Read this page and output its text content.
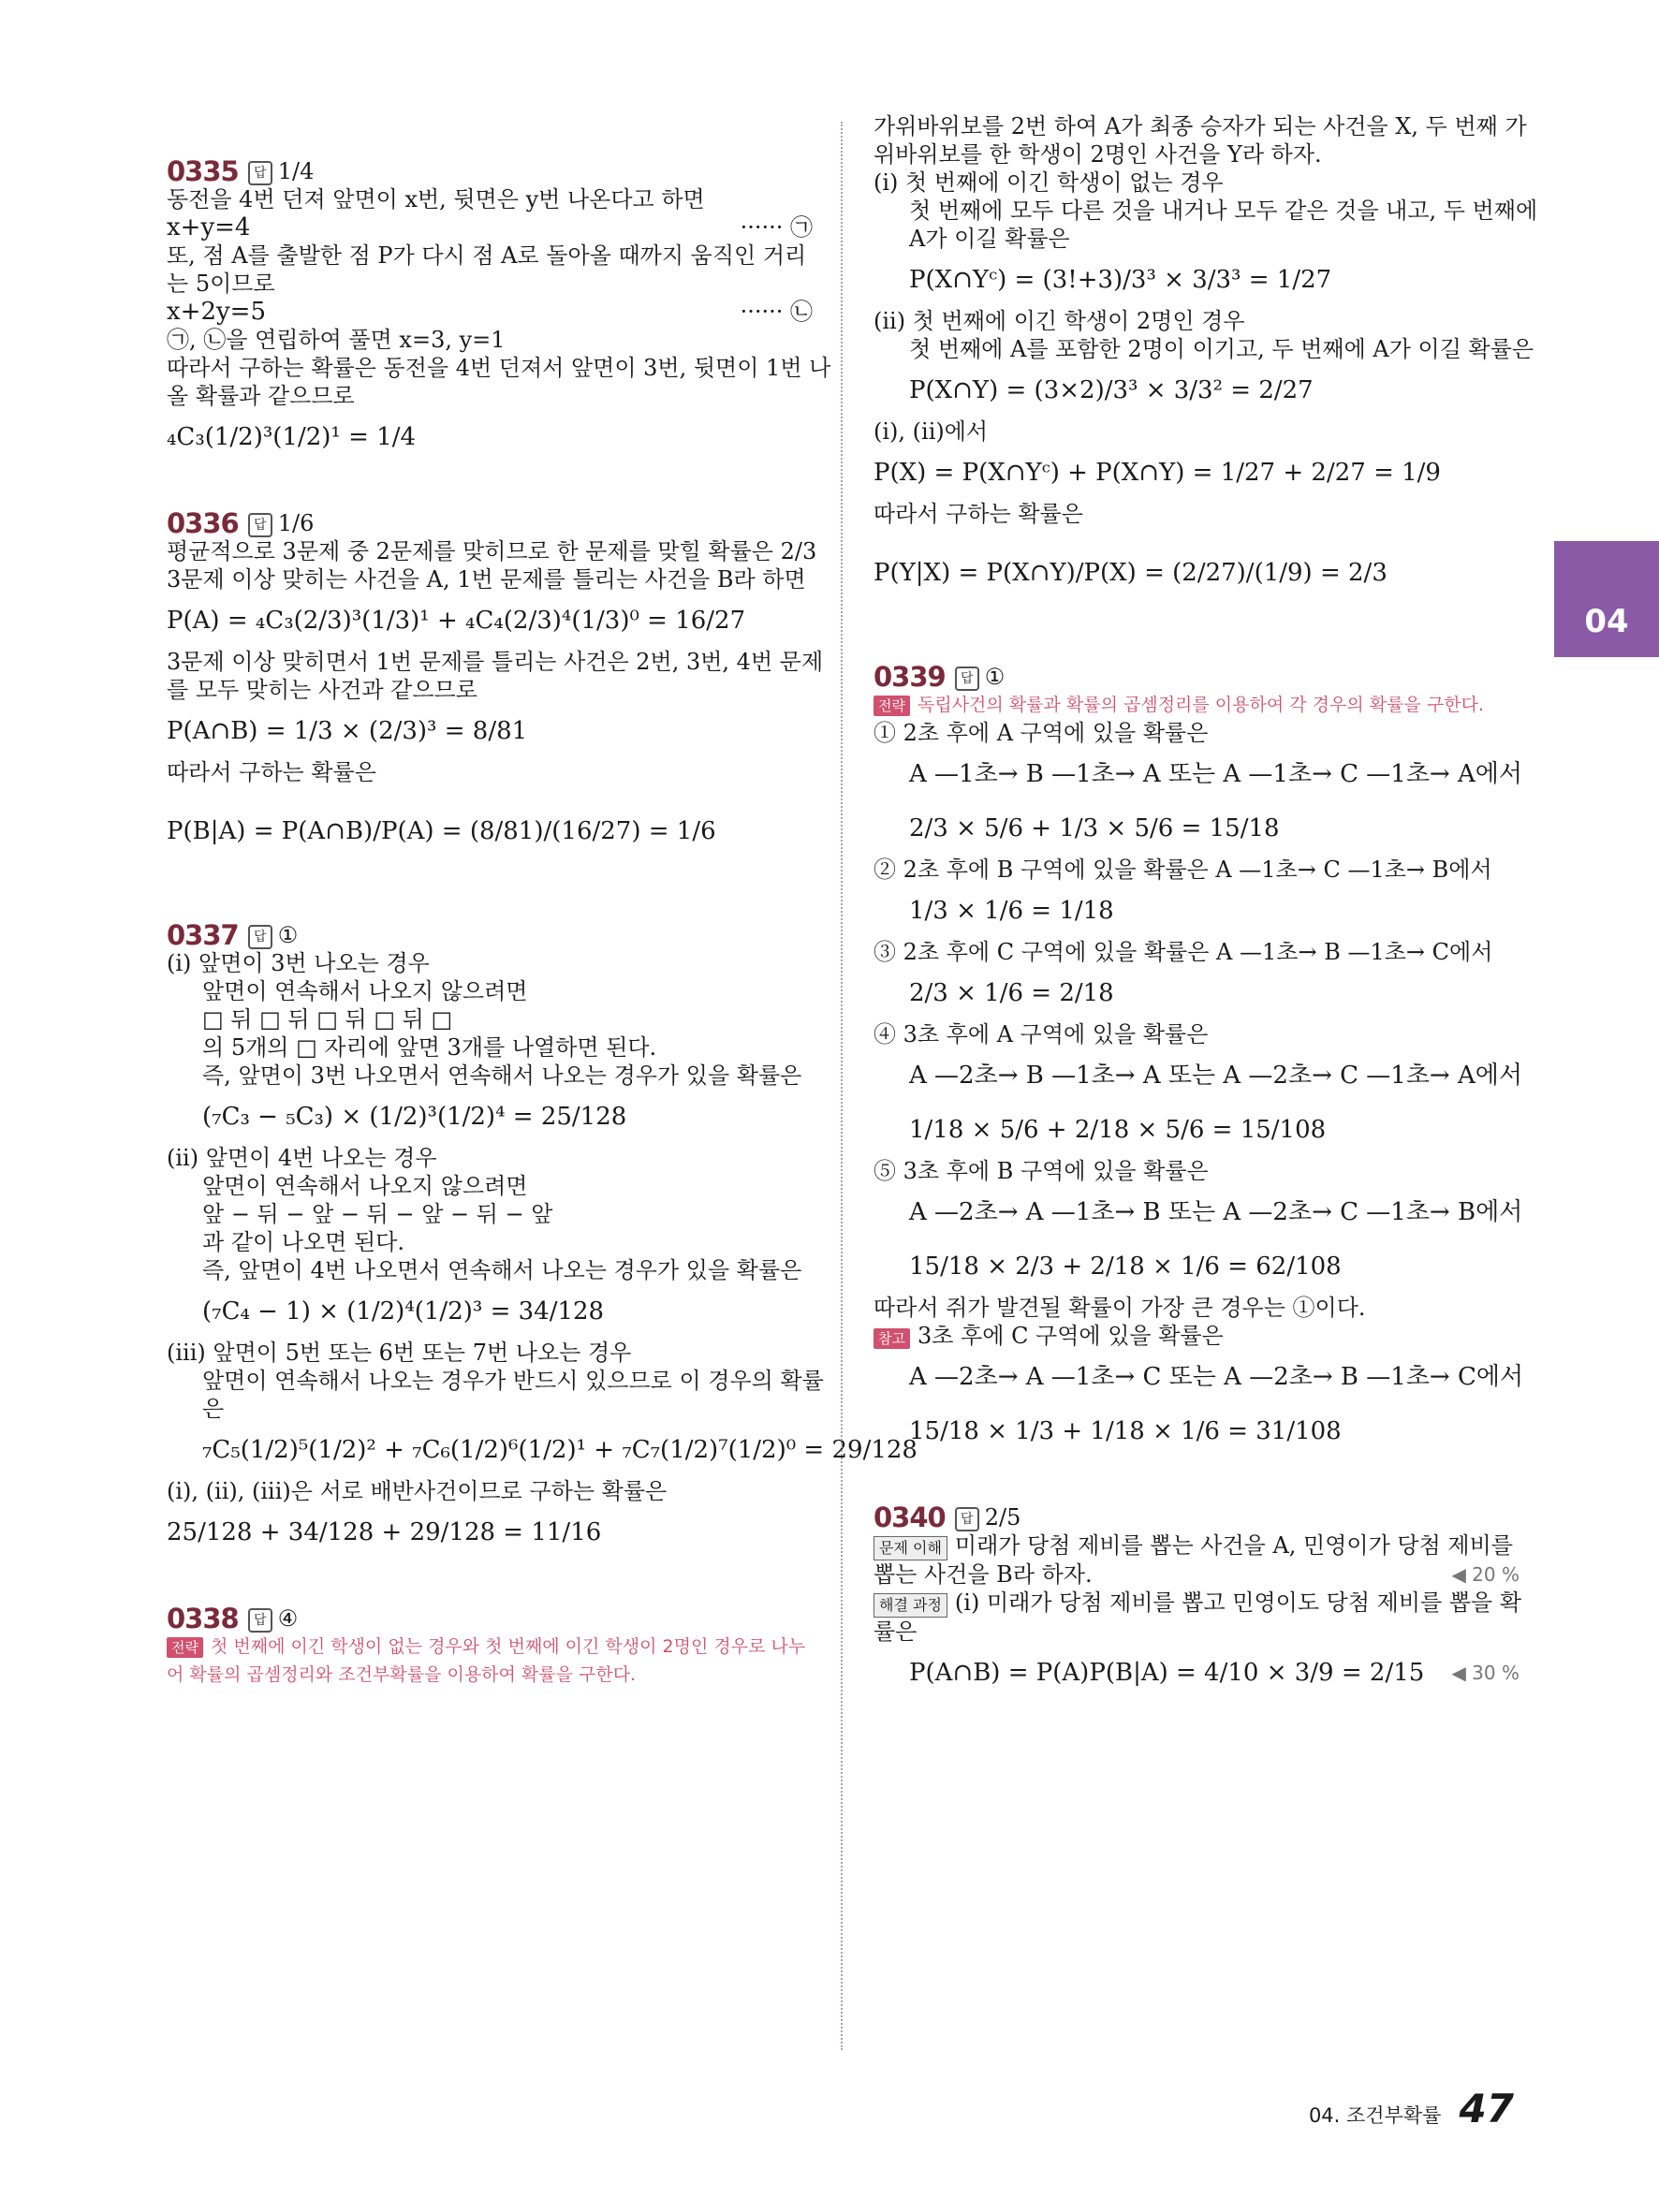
0335	답 1/4
동전을 4번 던져 앞면이 x번, 뒷면은 y번 나온다고 하면
x+y=4	······ ㉠
또, 점 A를 출발한 점 P가 다시 점 A로 돌아올 때까지 움직인 거리
는 5이므로
x+2y=5	······ ㉡
㉠, ㉡을 연립하여 풀면 x=3, y=1
따라서 구하는 확률은 동전을 4번 던져서 앞면이 3번, 뒷면이 1번 나
올 확률과 같으므로
₄C₃(1/2)³(1/2)¹ = 1/4
0336	답 1/6
평균적으로 3문제 중 2문제를 맞히므로 한 문제를 맞힐 확률은 2/3
3문제 이상 맞히는 사건을 A, 1번 문제를 틀리는 사건을 B라 하면
P(A) = ₄C₃(2/3)³(1/3)¹ + ₄C₄(2/3)⁴(1/3)⁰ = 16/27
3문제 이상 맞히면서 1번 문제를 틀리는 사건은 2번, 3번, 4번 문제
를 모두 맞히는 사건과 같으므로
P(A∩B) = 1/3 × (2/3)³ = 8/81
따라서 구하는 확률은
P(B|A) = P(A∩B)/P(A) = (8/81)/(16/27) = 1/6
0337	답 ①
(i) 앞면이 3번 나오는 경우
앞면이 연속해서 나오지 않으려면
□ 뒤 □ 뒤 □ 뒤 □ 뒤 □
의 5개의 □ 자리에 앞면 3개를 나열하면 된다.
즉, 앞면이 3번 나오면서 연속해서 나오는 경우가 있을 확률은
(₇C₃ − ₅C₃) × (1/2)³(1/2)⁴ = 25/128
(ii) 앞면이 4번 나오는 경우
앞면이 연속해서 나오지 않으려면
앞 − 뒤 − 앞 − 뒤 − 앞 − 뒤 − 앞
과 같이 나오면 된다.
즉, 앞면이 4번 나오면서 연속해서 나오는 경우가 있을 확률은
(₇C₄ − 1) × (1/2)⁴(1/2)³ = 34/128
(iii) 앞면이 5번 또는 6번 또는 7번 나오는 경우
앞면이 연속해서 나오는 경우가 반드시 있으므로 이 경우의 확률
은
₇C₅(1/2)⁵(1/2)² + ₇C₆(1/2)⁶(1/2)¹ + ₇C₇(1/2)⁷(1/2)⁰ = 29/128
(i), (ii), (iii)은 서로 배반사건이므로 구하는 확률은
25/128 + 34/128 + 29/128 = 11/16
0338	답 ④
전략 첫 번째에 이긴 학생이 없는 경우와 첫 번째에 이긴 학생이 2명인 경우로 나누어 확률의 곱셈정리와 조건부확률을 이용하여 확률을 구한다.
가위바위보를 2번 하여 A가 최종 승자가 되는 사건을 X, 두 번째 가
위바위보를 한 학생이 2명인 사건을 Y라 하자.
(i) 첫 번째에 이긴 학생이 없는 경우
첫 번째에 모두 다른 것을 내거나 모두 같은 것을 내고, 두 번째에
A가 이길 확률은
P(X∩Yᶜ) = (3!+3)/3³ × 3/3³ = 1/27
(ii) 첫 번째에 이긴 학생이 2명인 경우
첫 번째에 A를 포함한 2명이 이기고, 두 번째에 A가 이길 확률은
P(X∩Y) = (3×2)/3³ × 3/3² = 2/27
(i), (ii)에서
P(X) = P(X∩Yᶜ) + P(X∩Y) = 1/27 + 2/27 = 1/9
따라서 구하는 확률은
P(Y|X) = P(X∩Y)/P(X) = (2/27)/(1/9) = 2/3
0339	답 ①
전략 독립사건의 확률과 확률의 곱셈정리를 이용하여 각 경우의 확률을 구한다.
① 2초 후에 A 구역에 있을 확률은
A —1초→ B —1초→ A 또는 A —1초→ C —1초→ A에서
2/3 × 5/6 + 1/3 × 5/6 = 15/18
② 2초 후에 B 구역에 있을 확률은 A —1초→ C —1초→ B에서
1/3 × 1/6 = 1/18
③ 2초 후에 C 구역에 있을 확률은 A —1초→ B —1초→ C에서
2/3 × 1/6 = 2/18
④ 3초 후에 A 구역에 있을 확률은
A —2초→ B —1초→ A 또는 A —2초→ C —1초→ A에서
1/18 × 5/6 + 2/18 × 5/6 = 15/108
⑤ 3초 후에 B 구역에 있을 확률은
A —2초→ A —1초→ B 또는 A —2초→ C —1초→ B에서
15/18 × 2/3 + 2/18 × 1/6 = 62/108
따라서 쥐가 발견될 확률이 가장 큰 경우는 ①이다.
참고 3초 후에 C 구역에 있을 확률은
A —2초→ A —1초→ C 또는 A —2초→ B —1초→ C에서
15/18 × 1/3 + 1/18 × 1/6 = 31/108
0340	답 2/5
문제 이해 미래가 당첨 제비를 뽑는 사건을 A, 민영이가 당첨 제비를
뽑는 사건을 B라 하자.	◀ 20 %
해결 과정 (i) 미래가 당첨 제비를 뽑고 민영이도 당첨 제비를 뽑을 확
률은
P(A∩B) = P(A)P(B|A) = 4/10 × 3/9 = 2/15 ◀ 30 %
04
04. 조건부확률 47
